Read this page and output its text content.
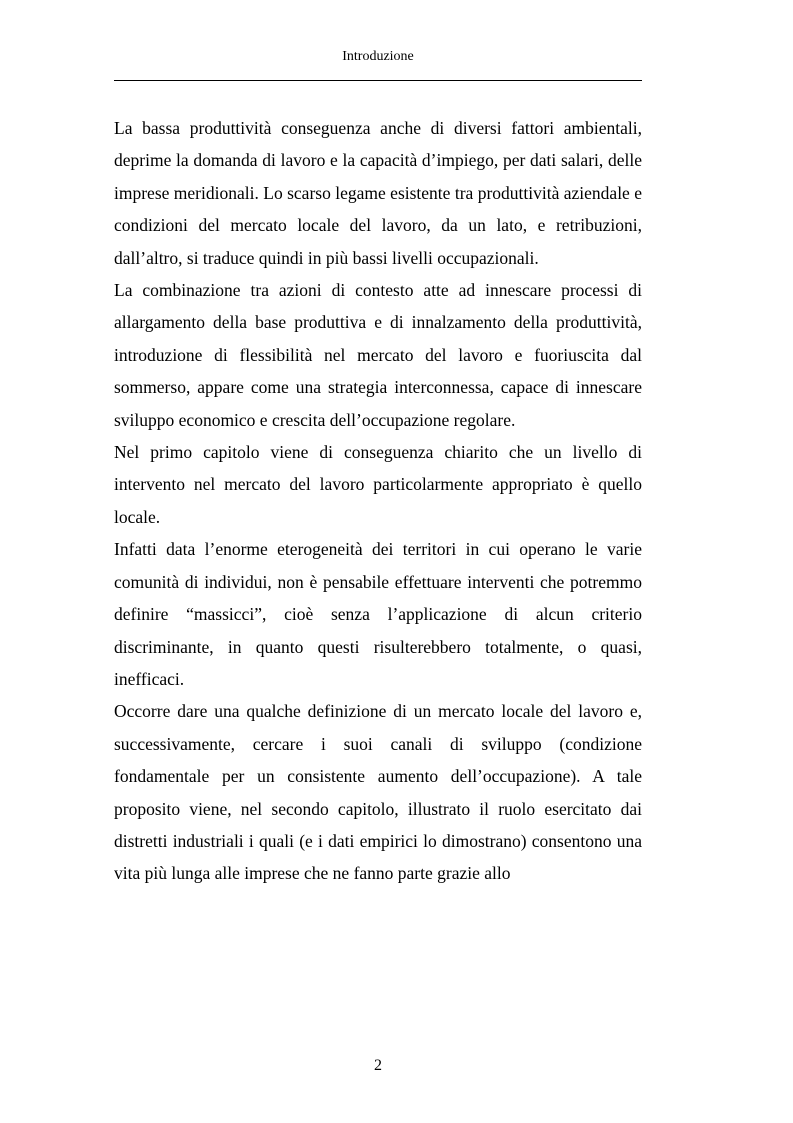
Introduzione

La bassa produttività conseguenza anche di diversi fattori ambientali, deprime la domanda di lavoro e la capacità d’impiego, per dati salari, delle imprese meridionali. Lo scarso legame esistente tra produttività aziendale e condizioni del mercato locale del lavoro, da un lato, e retribuzioni, dall’altro, si traduce quindi in più bassi livelli occupazionali.

La combinazione tra azioni di contesto atte ad innescare processi di allargamento della base produttiva e di innalzamento della produttività, introduzione di flessibilità nel mercato del lavoro e fuoriuscita dal sommerso, appare come una strategia interconnessa, capace di innescare sviluppo economico e crescita dell’occupazione regolare.

Nel primo capitolo viene di conseguenza chiarito che un livello di intervento nel mercato del lavoro particolarmente appropriato è quello locale.

Infatti data l’enorme eterogeneità dei territori in cui operano le varie comunità di individui, non è pensabile effettuare interventi che potremmo definire “massicci”, cioè senza l’applicazione di alcun criterio discriminante, in quanto questi risulterebbero totalmente, o quasi, inefficaci.

Occorre dare una qualche definizione di un mercato locale del lavoro e, successivamente, cercare i suoi canali di sviluppo (condizione fondamentale per un consistente aumento dell’occupazione). A tale proposito viene, nel secondo capitolo, illustrato il ruolo esercitato dai distretti industriali i quali (e i dati empirici lo dimostrano) consentono una vita più lunga alle imprese che ne fanno parte grazie allo

2
